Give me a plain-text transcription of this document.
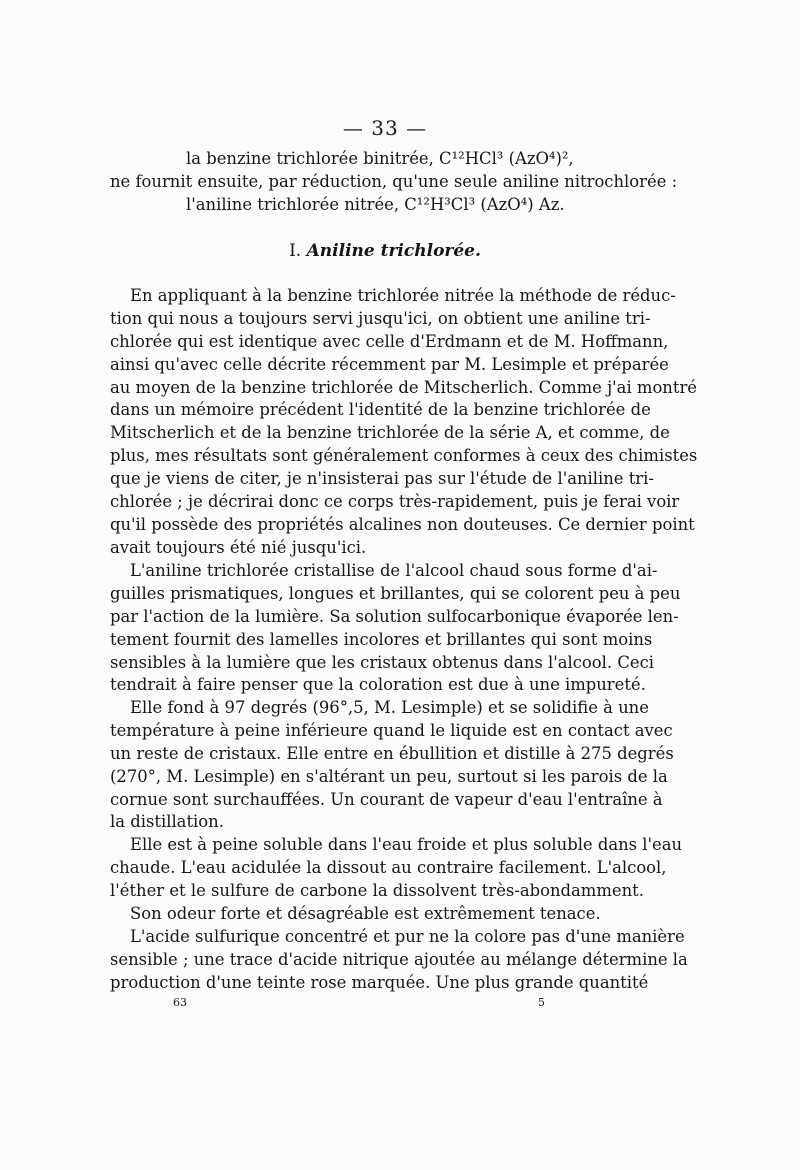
— 33 —
la benzine trichlorée binitrée, C¹²HCl³ (AzO⁴)²,
ne fournit ensuite, par réduction, qu'une seule aniline nitrochlorée :
l'aniline trichlorée nitrée, C¹²H³Cl³ (AzO⁴) Az.
I. Aniline trichlorée.
En appliquant à la benzine trichlorée nitrée la méthode de réduc-
tion qui nous a toujours servi jusqu'ici, on obtient une aniline tri-
chlorée qui est identique avec celle d'Erdmann et de M. Hoffmann,
ainsi qu'avec celle décrite récemment par M. Lesimple et préparée
au moyen de la benzine trichlorée de Mitscherlich. Comme j'ai montré
dans un mémoire précédent l'identité de la benzine trichlorée de
Mitscherlich et de la benzine trichlorée de la série A, et comme, de
plus, mes résultats sont généralement conformes à ceux des chimistes
que je viens de citer, je n'insisterai pas sur l'étude de l'aniline tri-
chlorée ; je décrirai donc ce corps très-rapidement, puis je ferai voir
qu'il possède des propriétés alcalines non douteuses. Ce dernier point
avait toujours été nié jusqu'ici.
L'aniline trichlorée cristallise de l'alcool chaud sous forme d'ai-
guilles prismatiques, longues et brillantes, qui se colorent peu à peu
par l'action de la lumière. Sa solution sulfocarbonique évaporée len-
tement fournit des lamelles incolores et brillantes qui sont moins
sensibles à la lumière que les cristaux obtenus dans l'alcool. Ceci
tendrait à faire penser que la coloration est due à une impureté.
Elle fond à 97 degrés (96°,5, M. Lesimple) et se solidifie à une
température à peine inférieure quand le liquide est en contact avec
un reste de cristaux. Elle entre en ébullition et distille à 275 degrés
(270°, M. Lesimple) en s'altérant un peu, surtout si les parois de la
cornue sont surchauffées. Un courant de vapeur d'eau l'entraîne à
la distillation.
Elle est à peine soluble dans l'eau froide et plus soluble dans l'eau
chaude. L'eau acidulée la dissout au contraire facilement. L'alcool,
l'éther et le sulfure de carbone la dissolvent très-abondamment.
Son odeur forte et désagréable est extrêmement tenace.
L'acide sulfurique concentré et pur ne la colore pas d'une manière
sensible ; une trace d'acide nitrique ajoutée au mélange détermine la
production d'une teinte rose marquée. Une plus grande quantité
63	5
